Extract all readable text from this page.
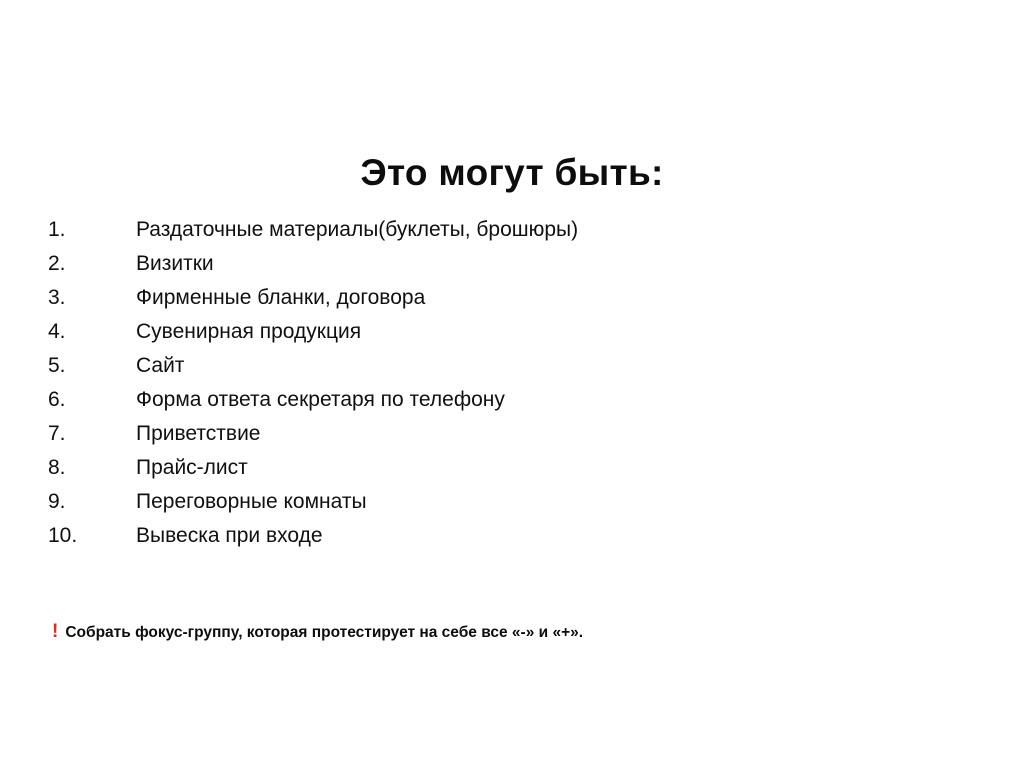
Это могут быть:
1.	Раздаточные материалы(буклеты, брошюры)
2.	Визитки
3.	Фирменные бланки, договора
4.	Сувенирная продукция
5.	Сайт
6.	Форма ответа секретаря по телефону
7.	Приветствие
8.	Прайс-лист
9.	Переговорные комнаты
10.	Вывеска при входе
! Собрать фокус-группу, которая протестирует на себе все «-» и «+».
